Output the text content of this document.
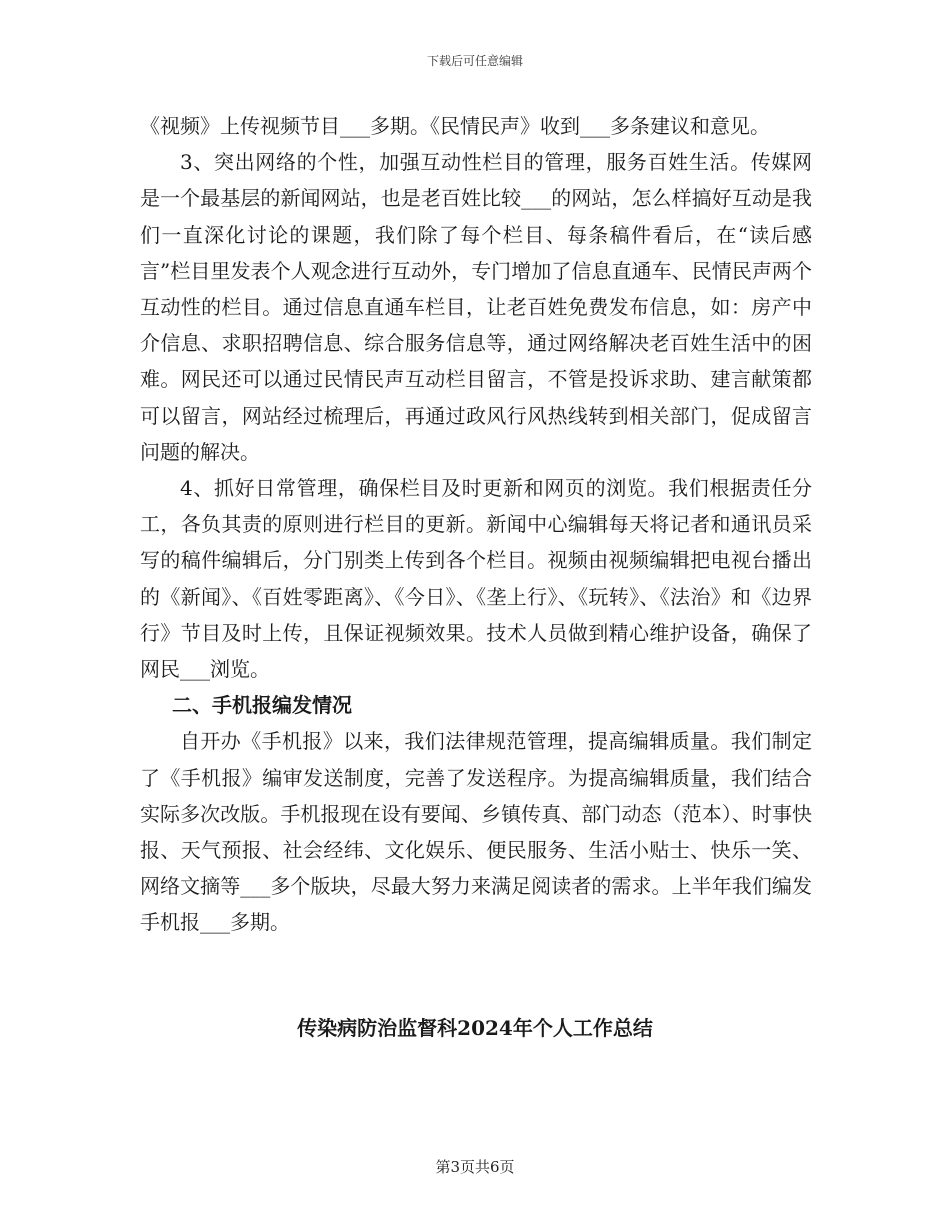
下载后可任意编辑

《视频》上传视频节目___多期。《民情民声》收到___多条建议和意见。

3、突出网络的个性，加强互动性栏目的管理，服务百姓生活。传媒网是一个最基层的新闻网站，也是老百姓比较___的网站，怎么样搞好互动是我们一直深化讨论的课题，我们除了每个栏目、每条稿件看后，在“读后感言”栏目里发表个人观念进行互动外，专门增加了信息直通车、民情民声两个互动性的栏目。通过信息直通车栏目，让老百姓免费发布信息，如：房产中介信息、求职招聘信息、综合服务信息等，通过网络解决老百姓生活中的困难。网民还可以通过民情民声互动栏目留言，不管是投诉求助、建言献策都可以留言，网站经过梳理后，再通过政风行风热线转到相关部门，促成留言问题的解决。

4、抓好日常管理，确保栏目及时更新和网页的浏览。我们根据责任分工，各负其责的原则进行栏目的更新。新闻中心编辑每天将记者和通讯员采写的稿件编辑后，分门别类上传到各个栏目。视频由视频编辑把电视台播出的《新闻》、《百姓零距离》、《今日》、《垄上行》、《玩转》、《法治》和《边界行》节目及时上传，且保证视频效果。技术人员做到精心维护设备，确保了网民___浏览。

二、手机报编发情况

自开办《手机报》以来，我们法律规范管理，提高编辑质量。我们制定了《手机报》编审发送制度，完善了发送程序。为提高编辑质量，我们结合实际多次改版。手机报现在设有要闻、乡镇传真、部门动态（范本）、时事快报、天气预报、社会经纬、文化娱乐、便民服务、生活小贴士、快乐一笑、网络文摘等___多个版块，尽最大努力来满足阅读者的需求。上半年我们编发手机报___多期。

传染病防治监督科2024年个人工作总结
第3页共6页
